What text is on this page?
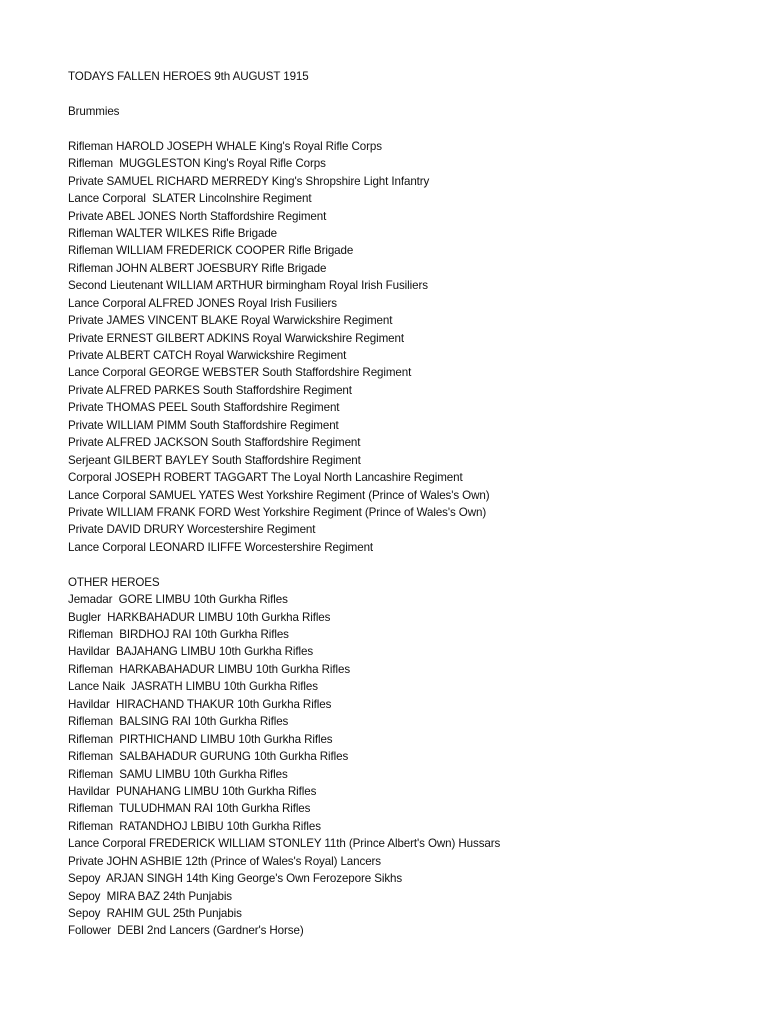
TODAYS FALLEN HEROES 9th AUGUST 1915
Brummies
Rifleman HAROLD JOSEPH WHALE King's Royal Rifle Corps
Rifleman  MUGGLESTON King's Royal Rifle Corps
Private SAMUEL RICHARD MERREDY King's Shropshire Light Infantry
Lance Corporal  SLATER Lincolnshire Regiment
Private ABEL JONES North Staffordshire Regiment
Rifleman WALTER WILKES Rifle Brigade
Rifleman WILLIAM FREDERICK COOPER Rifle Brigade
Rifleman JOHN ALBERT JOESBURY Rifle Brigade
Second Lieutenant WILLIAM ARTHUR birmingham Royal Irish Fusiliers
Lance Corporal ALFRED JONES Royal Irish Fusiliers
Private JAMES VINCENT BLAKE Royal Warwickshire Regiment
Private ERNEST GILBERT ADKINS Royal Warwickshire Regiment
Private ALBERT CATCH Royal Warwickshire Regiment
Lance Corporal GEORGE WEBSTER South Staffordshire Regiment
Private ALFRED PARKES South Staffordshire Regiment
Private THOMAS PEEL South Staffordshire Regiment
Private WILLIAM PIMM South Staffordshire Regiment
Private ALFRED JACKSON South Staffordshire Regiment
Serjeant GILBERT BAYLEY South Staffordshire Regiment
Corporal JOSEPH ROBERT TAGGART The Loyal North Lancashire Regiment
Lance Corporal SAMUEL YATES West Yorkshire Regiment (Prince of Wales's Own)
Private WILLIAM FRANK FORD West Yorkshire Regiment (Prince of Wales's Own)
Private DAVID DRURY Worcestershire Regiment
Lance Corporal LEONARD ILIFFE Worcestershire Regiment
OTHER HEROES
Jemadar  GORE LIMBU 10th Gurkha Rifles
Bugler  HARKBAHADUR LIMBU 10th Gurkha Rifles
Rifleman  BIRDHOJ RAI 10th Gurkha Rifles
Havildar  BAJAHANG LIMBU 10th Gurkha Rifles
Rifleman  HARKABAHADUR LIMBU 10th Gurkha Rifles
Lance Naik  JASRATH LIMBU 10th Gurkha Rifles
Havildar  HIRACHAND THAKUR 10th Gurkha Rifles
Rifleman  BALSING RAI 10th Gurkha Rifles
Rifleman  PIRTHICHAND LIMBU 10th Gurkha Rifles
Rifleman  SALBAHADUR GURUNG 10th Gurkha Rifles
Rifleman  SAMU LIMBU 10th Gurkha Rifles
Havildar  PUNAHANG LIMBU 10th Gurkha Rifles
Rifleman  TULUDHMAN RAI 10th Gurkha Rifles
Rifleman  RATANDHOJ LBIBU 10th Gurkha Rifles
Lance Corporal FREDERICK WILLIAM STONLEY 11th (Prince Albert's Own) Hussars
Private JOHN ASHBIE 12th (Prince of Wales's Royal) Lancers
Sepoy  ARJAN SINGH 14th King George's Own Ferozepore Sikhs
Sepoy  MIRA BAZ 24th Punjabis
Sepoy  RAHIM GUL 25th Punjabis
Follower  DEBI 2nd Lancers (Gardner's Horse)
